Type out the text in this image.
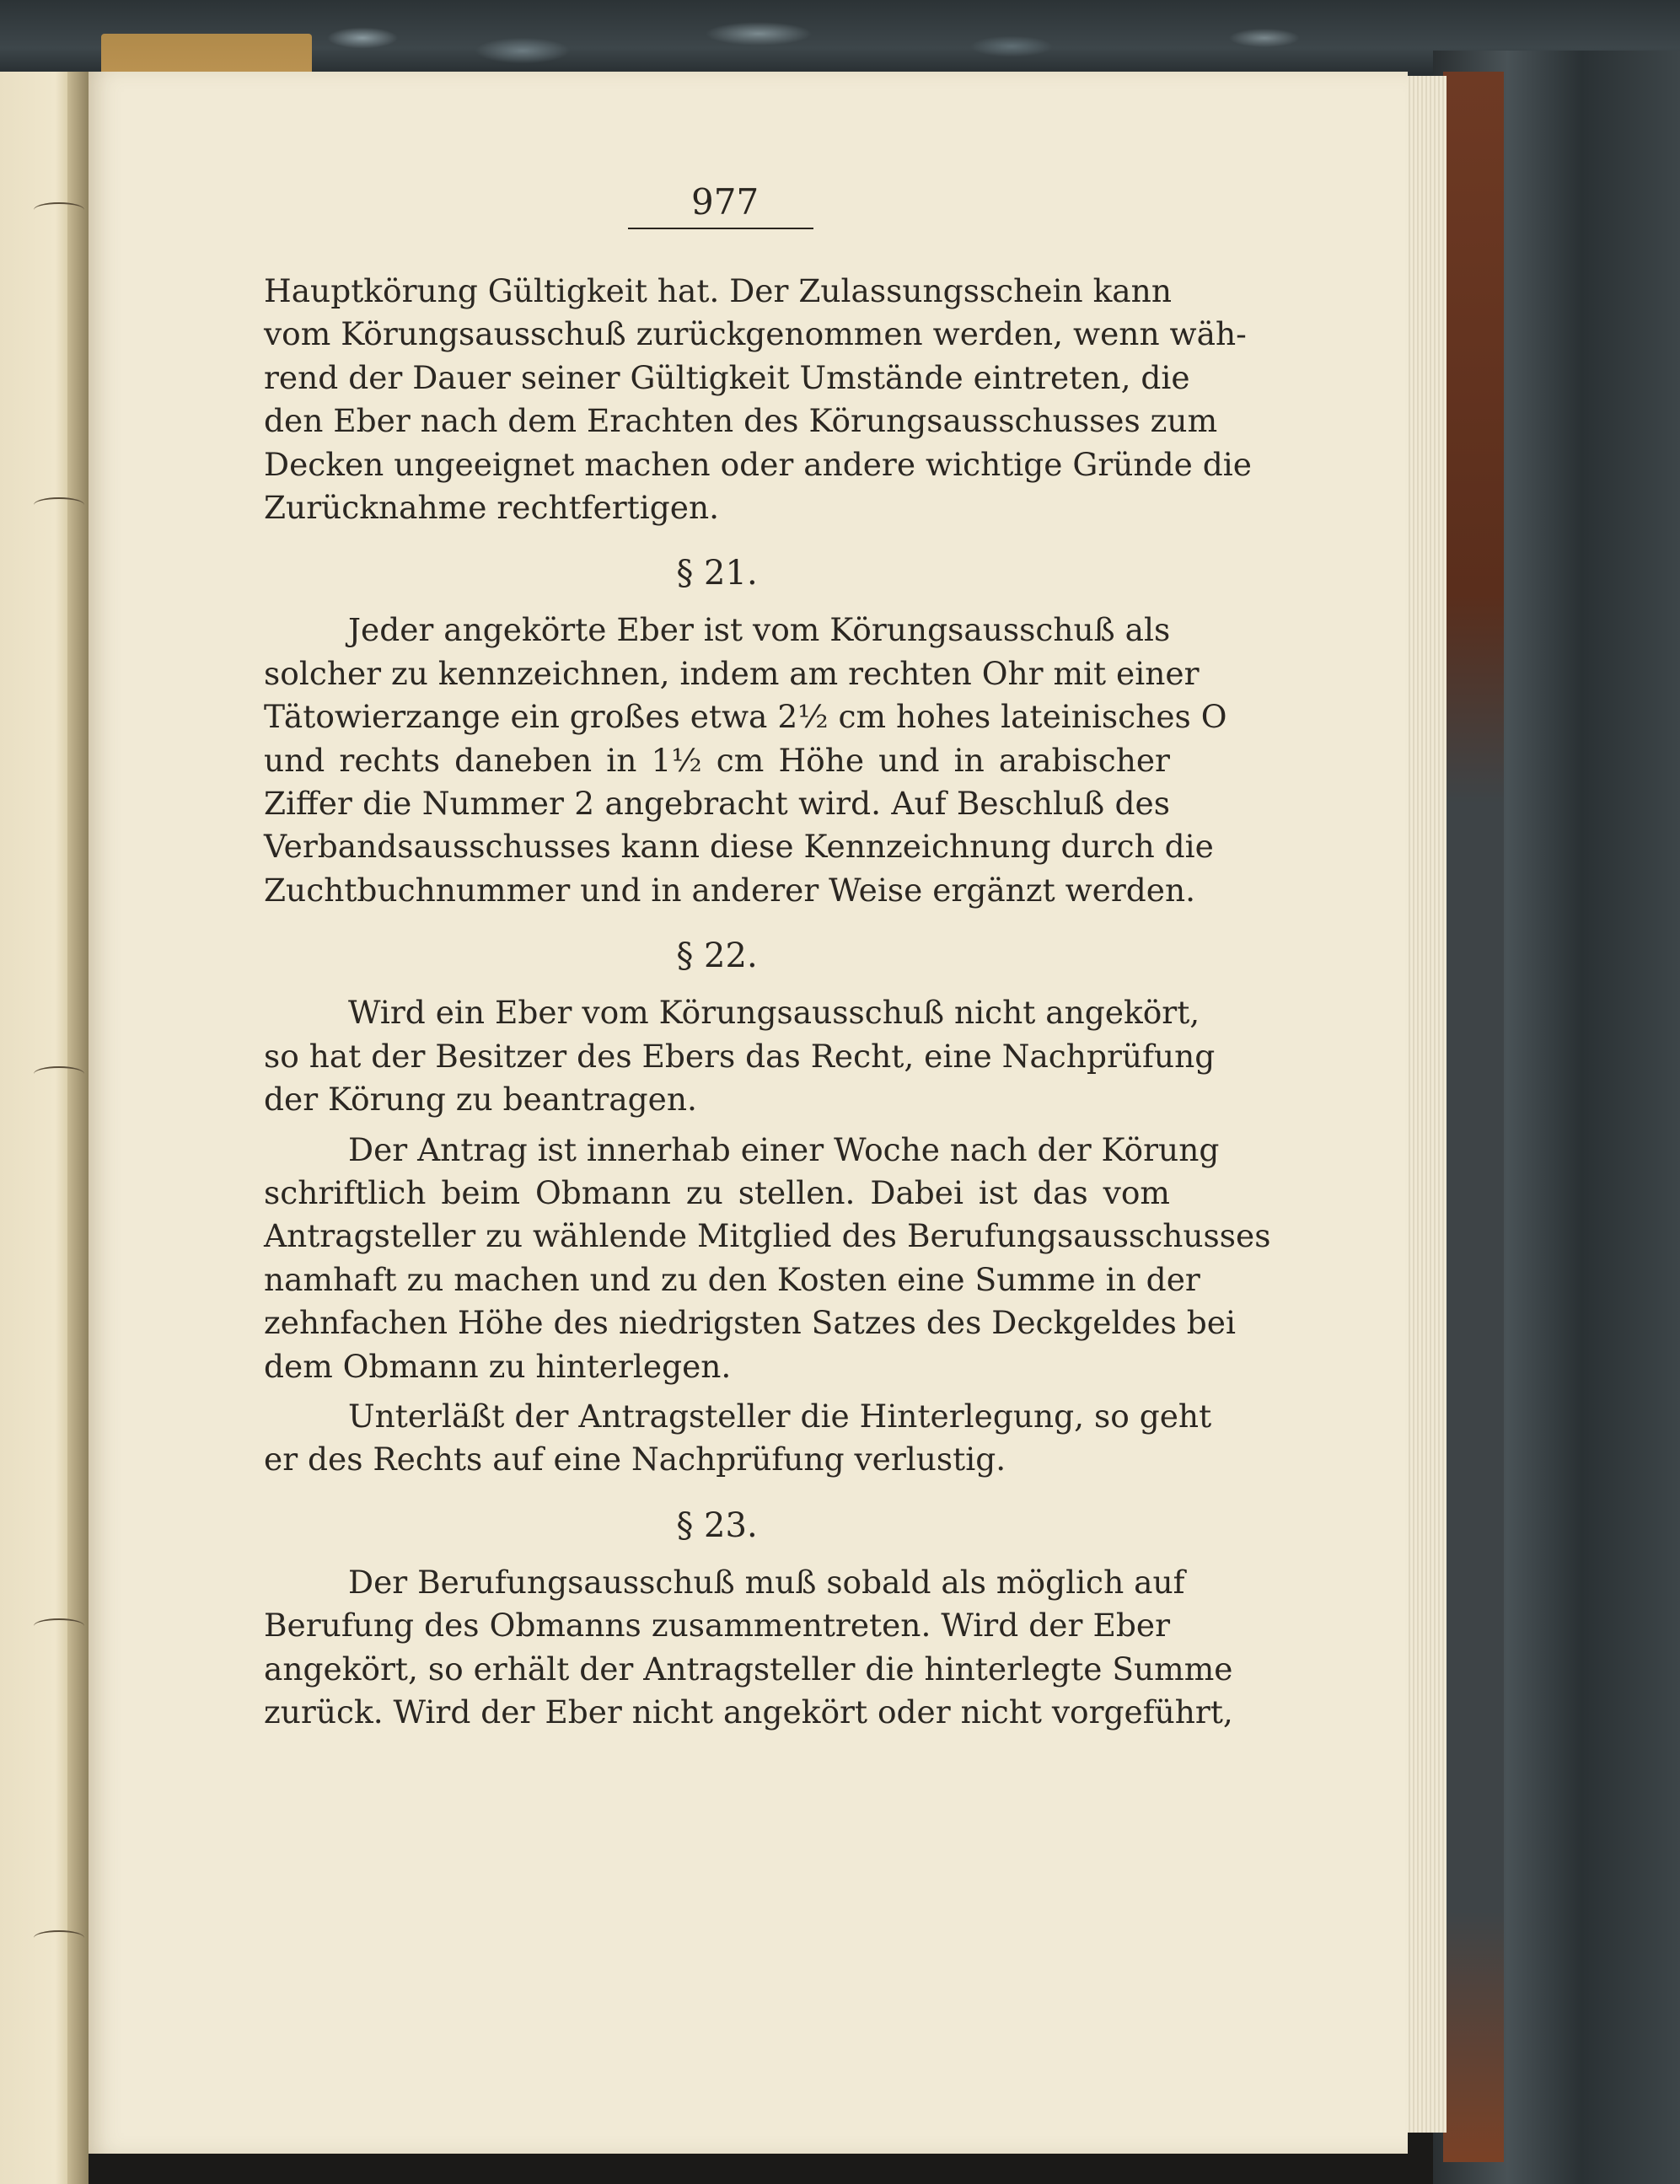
977
Hauptkörung Gültigkeit hat. Der Zulassungsschein kann
vom Körungsausschuß zurückgenommen werden, wenn wäh-
rend der Dauer seiner Gültigkeit Umstände eintreten, die
den Eber nach dem Erachten des Körungsausschusses zum
Decken ungeeignet machen oder andere wichtige Gründe die
Zurücknahme rechtfertigen.
§ 21.
Jeder angekörte Eber ist vom Körungsausschuß als
solcher zu kennzeichnen, indem am rechten Ohr mit einer
Tätowierzange ein großes etwa 2½ cm hohes lateinisches O
und rechts daneben in 1½ cm Höhe und in arabischer
Ziffer die Nummer 2 angebracht wird. Auf Beschluß des
Verbandsausschusses kann diese Kennzeichnung durch die
Zuchtbuchnummer und in anderer Weise ergänzt werden.
§ 22.
Wird ein Eber vom Körungsausschuß nicht angekört,
so hat der Besitzer des Ebers das Recht, eine Nachprüfung
der Körung zu beantragen.
Der Antrag ist innerhab einer Woche nach der Körung
schriftlich beim Obmann zu stellen. Dabei ist das vom
Antragsteller zu wählende Mitglied des Berufungsausschusses
namhaft zu machen und zu den Kosten eine Summe in der
zehnfachen Höhe des niedrigsten Satzes des Deckgeldes bei
dem Obmann zu hinterlegen.
Unterläßt der Antragsteller die Hinterlegung, so geht
er des Rechts auf eine Nachprüfung verlustig.
§ 23.
Der Berufungsausschuß muß sobald als möglich auf
Berufung des Obmanns zusammentreten. Wird der Eber
angekört, so erhält der Antragsteller die hinterlegte Summe
zurück. Wird der Eber nicht angekört oder nicht vorgeführt,
